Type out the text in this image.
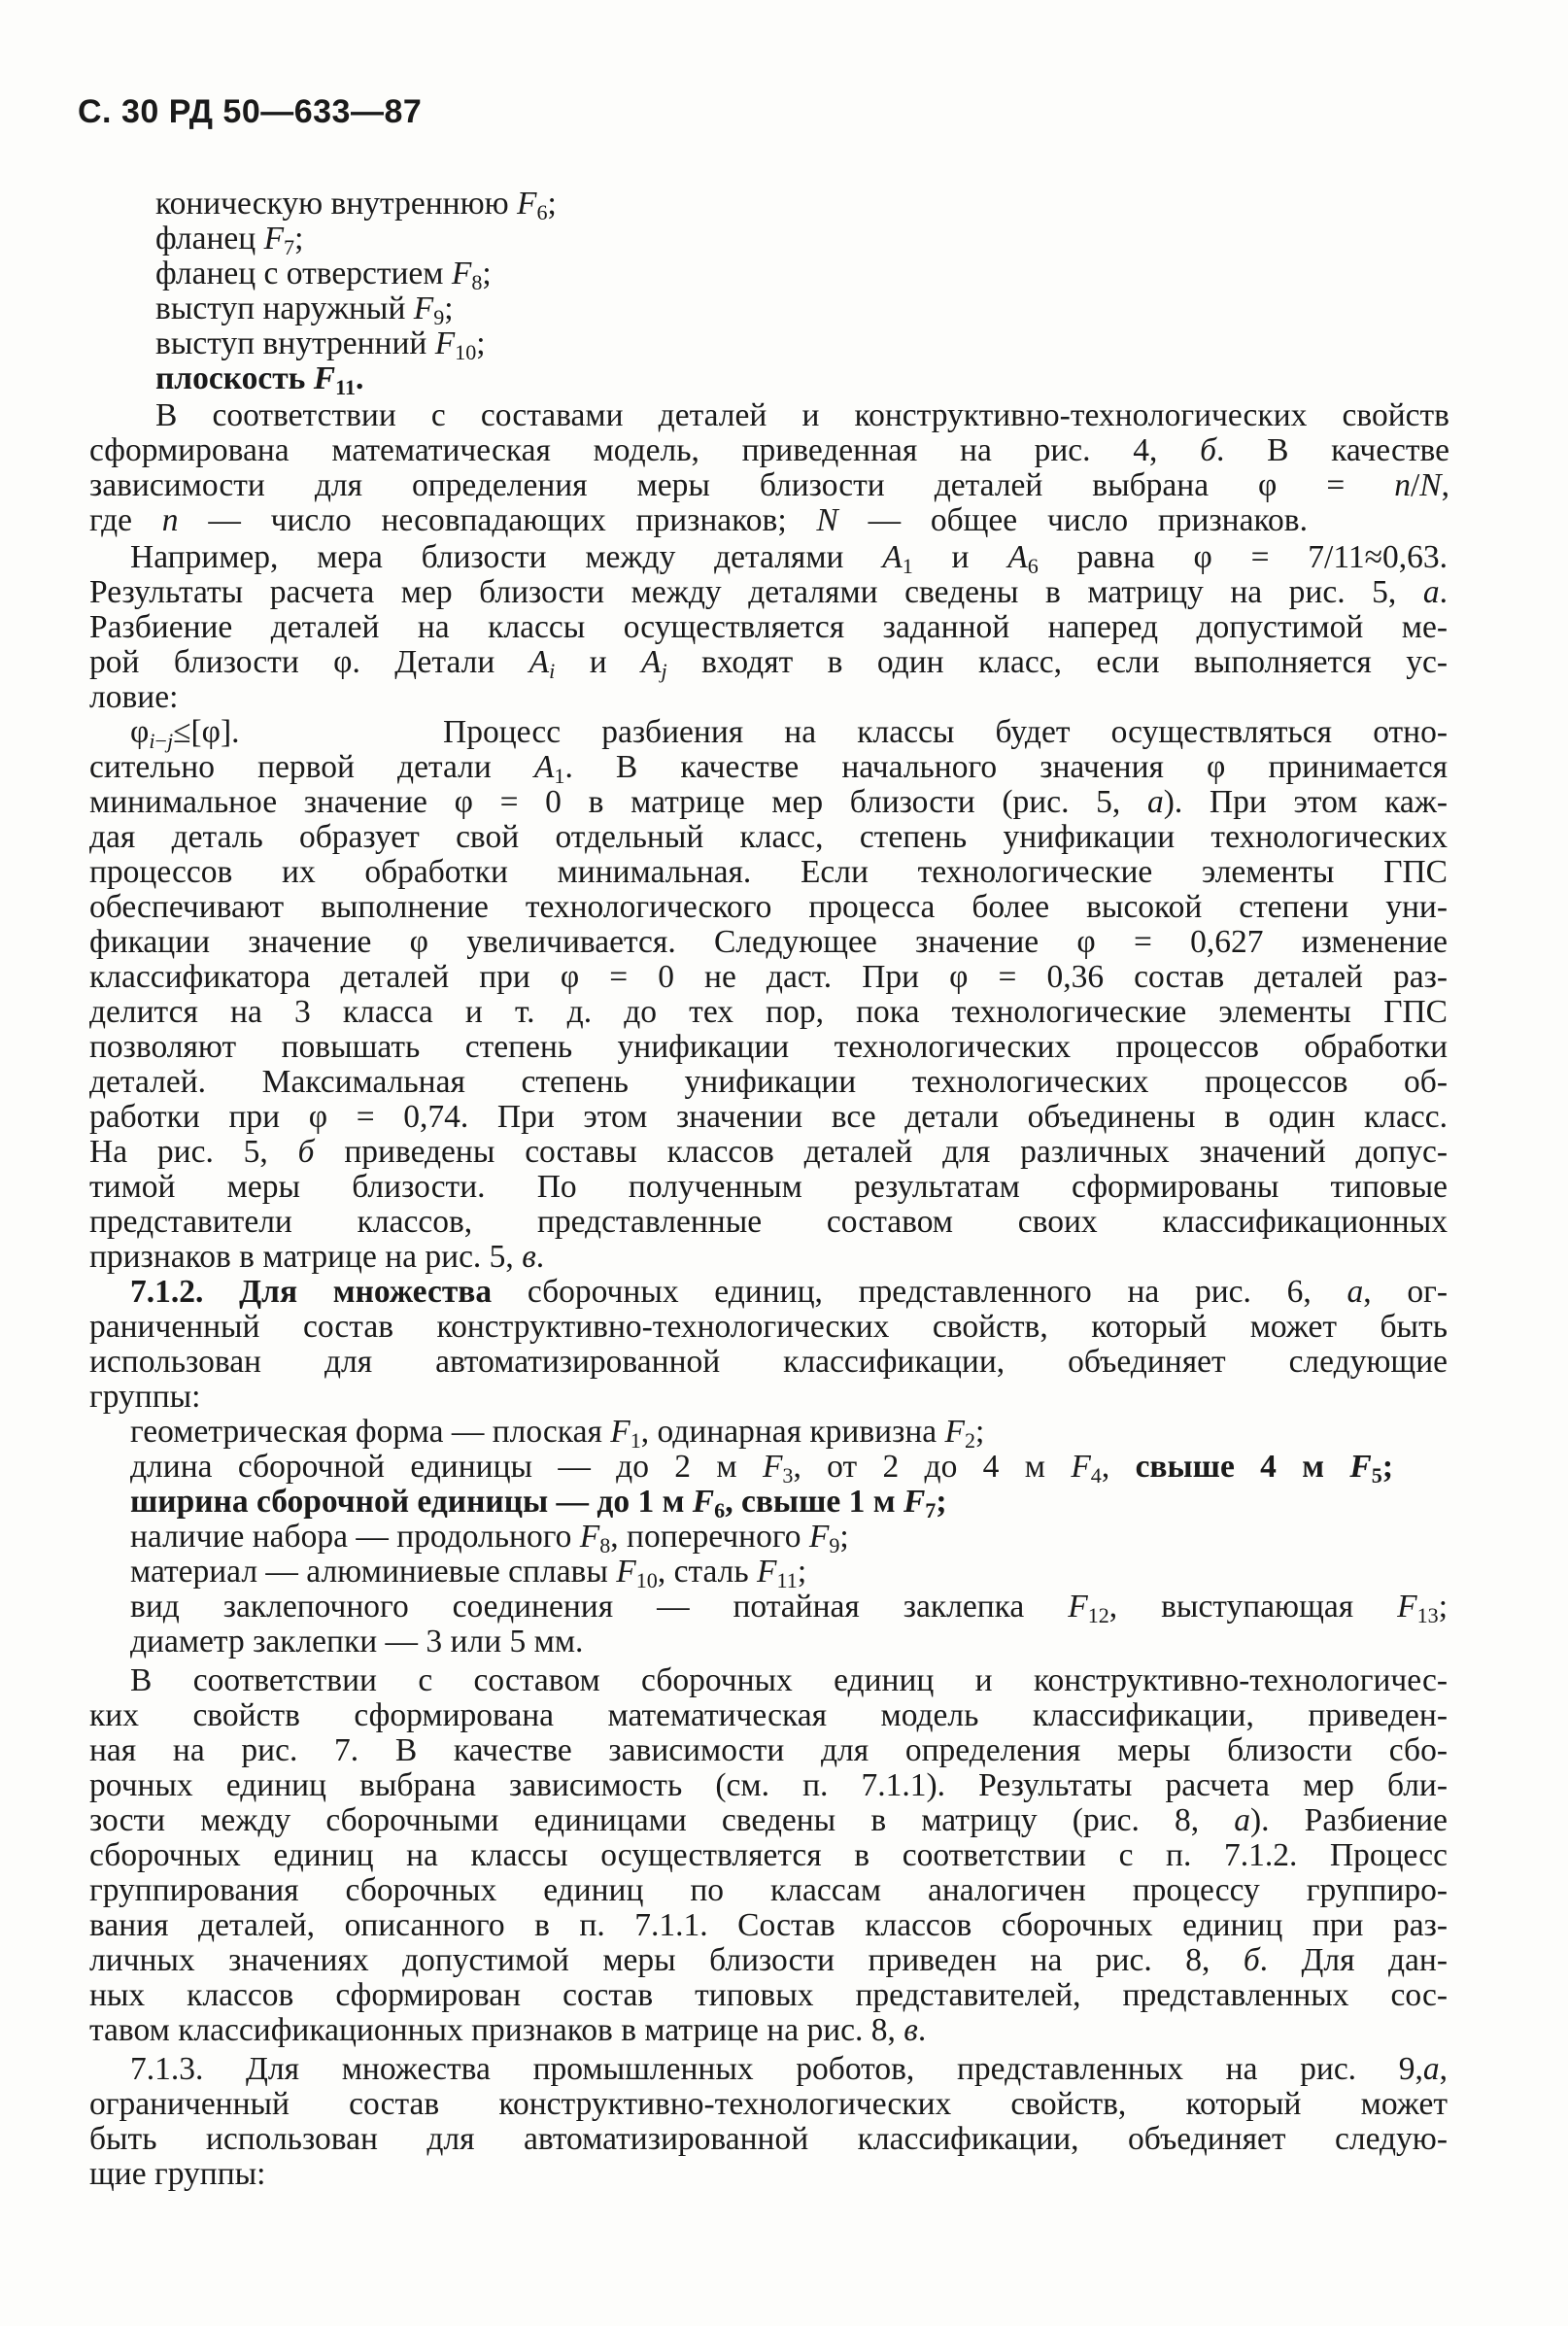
С. 30 РД 50—633—87
коническую внутреннюю $F_6$;
фланец $F_7$;
фланец с отверстием $F_8$;
выступ наружный $F_9$;
выступ внутренний $F_{10}$;
плоскость $F_{11}$.
В соответствии с составами деталей и конструктивно-технологических свойств
сформирована математическая модель, приведенная на рис. 4, б. В качестве
зависимости для определения меры близости деталей выбрана φ = n/N,
где n — число несовпадающих признаков; N — общее число признаков.
Например, мера близости между деталями $A_1$ и $A_6$ равна φ = 7/11≈0,63.
Результаты расчета мер близости между деталями сведены в матрицу на рис. 5, а.
Разбиение деталей на классы осуществляется заданной наперед допустимой ме-
рой близости φ. Детали $A_i$ и $A_j$ входят в один класс, если выполняется ус-
ловие:
$\varphi_{i-j}\le[\varphi]$.	Процесс разбиения на классы будет осуществляться отно-
сительно первой детали $A_1$. В качестве начального значения φ принимается
минимальное значение φ = 0 в матрице мер близости (рис. 5, а). При этом каж-
дая деталь образует свой отдельный класс, степень унификации технологических
процессов их обработки минимальная. Если технологические элементы ГПС
обеспечивают выполнение технологического процесса более высокой степени уни-
фикации значение φ увеличивается. Следующее значение φ = 0,627 изменение
классификатора деталей при φ = 0 не даст. При φ = 0,36 состав деталей раз-
делится на 3 класса и т. д. до тех пор, пока технологические элементы ГПС
позволяют повышать степень унификации технологических процессов обработки
деталей. Максимальная степень унификации технологических процессов об-
работки при φ = 0,74. При этом значении все детали объединены в один класс.
На рис. 5, б приведены составы классов деталей для различных значений допус-
тимой меры близости. По полученным результатам сформированы типовые
представители классов, представленные составом своих классификационных
признаков в матрице на рис. 5, в.
7.1.2. Для множества сборочных единиц, представленного на рис. 6, а, ог-
раниченный состав конструктивно-технологических свойств, который может быть
использован для автоматизированной классификации, объединяет следующие
группы:
геометрическая форма — плоская $F_1$, одинарная кривизна $F_2$;
длина сборочной единицы — до 2 м $F_3$, от 2 до 4 м $F_4$, свыше 4 м $F_5$;
ширина сборочной единицы — до 1 м $F_6$, свыше 1 м $F_7$;
наличие набора — продольного $F_8$, поперечного $F_9$;
материал — алюминиевые сплавы $F_{10}$, сталь $F_{11}$;
вид заклепочного соединения — потайная заклепка $F_{12}$, выступающая $F_{13}$;
диаметр заклепки — 3 или 5 мм.
В соответствии с составом сборочных единиц и конструктивно-технологичес-
ких свойств сформирована математическая модель классификации, приведен-
ная на рис. 7. В качестве зависимости для определения меры близости сбо-
рочных единиц выбрана зависимость (см. п. 7.1.1). Результаты расчета мер бли-
зости между сборочными единицами сведены в матрицу (рис. 8, а). Разбиение
сборочных единиц на классы осуществляется в соответствии с п. 7.1.2. Процесс
группирования сборочных единиц по классам аналогичен процессу группиро-
вания деталей, описанного в п. 7.1.1. Состав классов сборочных единиц при раз-
личных значениях допустимой меры близости приведен на рис. 8, б. Для дан-
ных классов сформирован состав типовых представителей, представленных сос-
тавом классификационных признаков в матрице на рис. 8, в.
7.1.3. Для множества промышленных роботов, представленных на рис. 9,а,
ограниченный состав конструктивно-технологических свойств, который может
быть использован для автоматизированной классификации, объединяет следую-
щие группы:
